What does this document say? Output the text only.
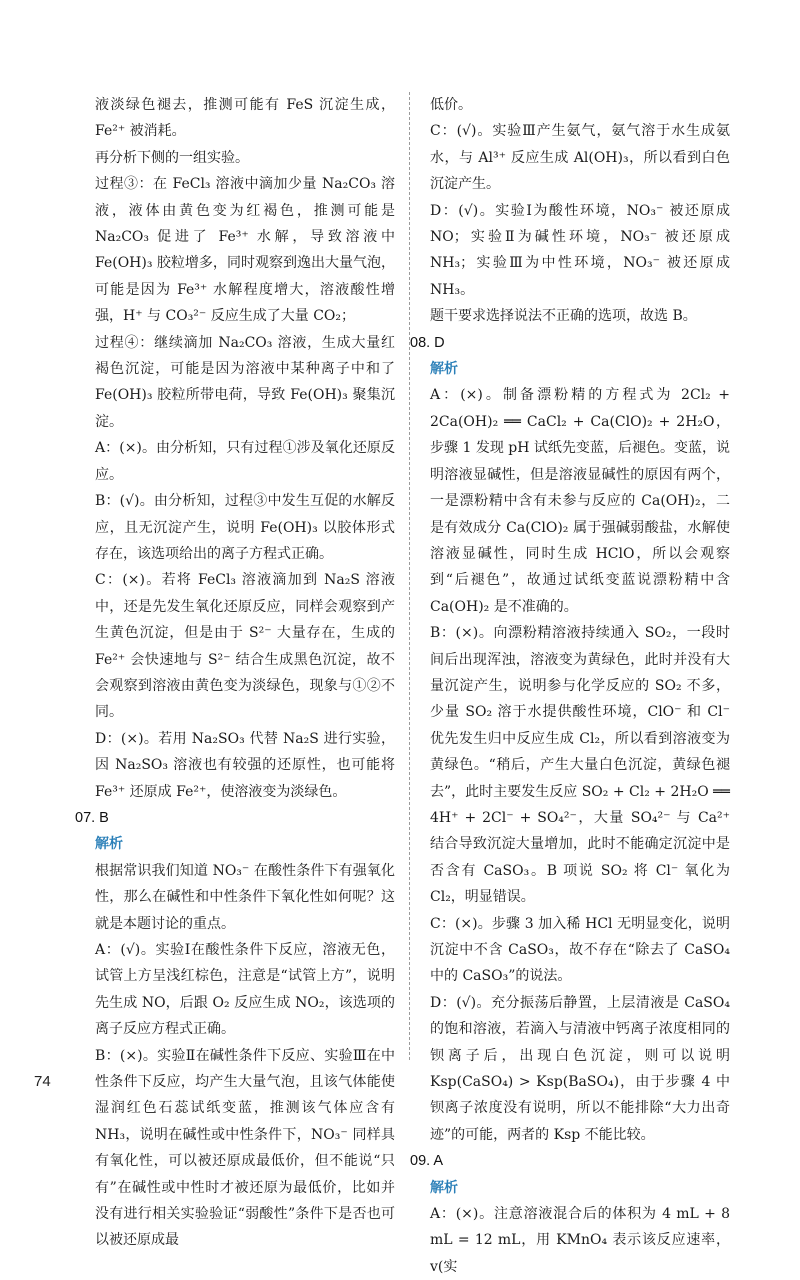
液淡绿色褪去，推测可能有 FeS 沉淀生成，Fe²⁺ 被消耗。

再分析下侧的一组实验。

过程③：在 FeCl₃ 溶液中滴加少量 Na₂CO₃ 溶液，液体由黄色变为红褐色，推测可能是 Na₂CO₃ 促进了 Fe³⁺ 水解，导致溶液中 Fe(OH)₃ 胶粒增多，同时观察到逸出大量气泡，可能是因为 Fe³⁺ 水解程度增大，溶液酸性增强，H⁺ 与 CO₃²⁻ 反应生成了大量 CO₂；

过程④：继续滴加 Na₂CO₃ 溶液，生成大量红褐色沉淀，可能是因为溶液中某种离子中和了 Fe(OH)₃ 胶粒所带电荷，导致 Fe(OH)₃ 聚集沉淀。

A：(×)。由分析知，只有过程①涉及氧化还原反应。

B：(√)。由分析知，过程③中发生互促的水解反应，且无沉淀产生，说明 Fe(OH)₃ 以胶体形式存在，该选项给出的离子方程式正确。

C：(×)。若将 FeCl₃ 溶液滴加到 Na₂S 溶液中，还是先发生氧化还原反应，同样会观察到产生黄色沉淀，但是由于 S²⁻ 大量存在，生成的 Fe²⁺ 会快速地与 S²⁻ 结合生成黑色沉淀，故不会观察到溶液由黄色变为淡绿色，现象与①②不同。

D：(×)。若用 Na₂SO₃ 代替 Na₂S 进行实验，因 Na₂SO₃ 溶液也有较强的还原性，也可能将 Fe³⁺ 还原成 Fe²⁺，使溶液变为淡绿色。

07. B

解析

根据常识我们知道 NO₃⁻ 在酸性条件下有强氧化性，那么在碱性和中性条件下氧化性如何呢？这就是本题讨论的重点。

A：(√)。实验Ⅰ在酸性条件下反应，溶液无色，试管上方呈浅红棕色，注意是“试管上方”，说明先生成 NO，后跟 O₂ 反应生成 NO₂，该选项的离子反应方程式正确。

B：(×)。实验Ⅱ在碱性条件下反应、实验Ⅲ在中性条件下反应，均产生大量气泡，且该气体能使湿润红色石蕊试纸变蓝，推测该气体应含有 NH₃，说明在碱性或中性条件下，NO₃⁻ 同样具有氧化性，可以被还原成最低价，但不能说“只有”在碱性或中性时才被还原为最低价，比如并没有进行相关实验验证“弱酸性”条件下是否也可以被还原成最

低价。

C：(√)。实验Ⅲ产生氨气，氨气溶于水生成氨水，与 Al³⁺ 反应生成 Al(OH)₃，所以看到白色沉淀产生。

D：(√)。实验Ⅰ为酸性环境，NO₃⁻ 被还原成 NO；实验Ⅱ为碱性环境，NO₃⁻ 被还原成 NH₃；实验Ⅲ为中性环境，NO₃⁻ 被还原成 NH₃。

题干要求选择说法不正确的选项，故选 B。

08. D

解析

A：(×)。制备漂粉精的方程式为 2Cl₂ + 2Ca(OH)₂ ══ CaCl₂ + Ca(ClO)₂ + 2H₂O，步骤 1 发现 pH 试纸先变蓝，后褪色。变蓝，说明溶液显碱性，但是溶液显碱性的原因有两个，一是漂粉精中含有未参与反应的 Ca(OH)₂，二是有效成分 Ca(ClO)₂ 属于强碱弱酸盐，水解使溶液显碱性，同时生成 HClO，所以会观察到“后褪色”，故通过试纸变蓝说漂粉精中含 Ca(OH)₂ 是不准确的。

B：(×)。向漂粉精溶液持续通入 SO₂，一段时间后出现浑浊，溶液变为黄绿色，此时并没有大量沉淀产生，说明参与化学反应的 SO₂ 不多，少量 SO₂ 溶于水提供酸性环境，ClO⁻ 和 Cl⁻ 优先发生归中反应生成 Cl₂，所以看到溶液变为黄绿色。“稍后，产生大量白色沉淀，黄绿色褪去”，此时主要发生反应 SO₂ + Cl₂ + 2H₂O ══ 4H⁺ + 2Cl⁻ + SO₄²⁻，大量 SO₄²⁻ 与 Ca²⁺ 结合导致沉淀大量增加，此时不能确定沉淀中是否含有 CaSO₃。B 项说 SO₂ 将 Cl⁻ 氧化为 Cl₂，明显错误。

C：(×)。步骤 3 加入稀 HCl 无明显变化，说明沉淀中不含 CaSO₃，故不存在“除去了 CaSO₄ 中的 CaSO₃”的说法。

D：(√)。充分振荡后静置，上层清液是 CaSO₄ 的饱和溶液，若滴入与清液中钙离子浓度相同的钡离子后，出现白色沉淀，则可以说明 Ksp(CaSO₄) > Ksp(BaSO₄)，由于步骤 4 中钡离子浓度没有说明，所以不能排除“大力出奇迹”的可能，两者的 Ksp 不能比较。

09. A

解析

A：(×)。注意溶液混合后的体积为 4 mL + 8 mL = 12 mL，用 KMnO₄ 表示该反应速率，v(实

74
